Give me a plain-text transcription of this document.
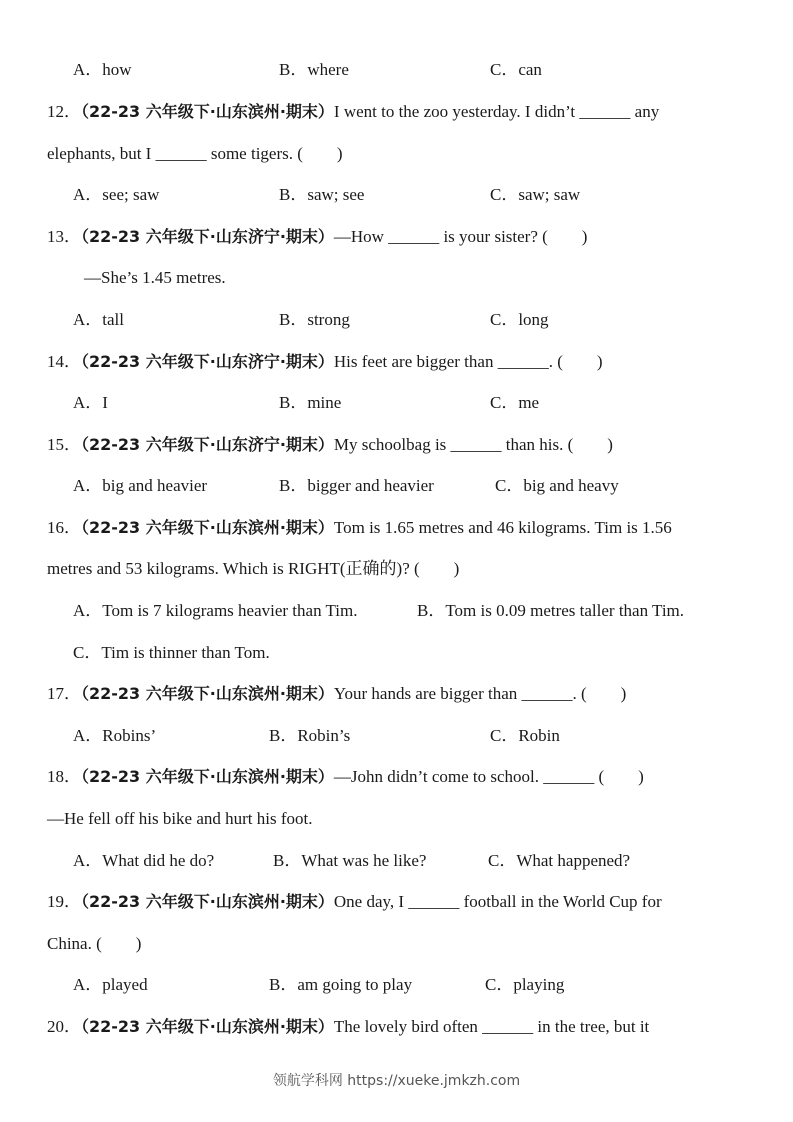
A．how	B．where	C．can
12．（22-23 六年级下·山东滨州·期末）I went to the zoo yesterday. I didn’t ______ any
elephants, but I ______ some tigers. (　　)
A．see; saw	B．saw; see	C．saw; saw
13．（22-23 六年级下·山东济宁·期末）—How ______ is your sister? (　　)
—She’s 1.45 metres.
A．tall	B．strong	C．long
14．（22-23 六年级下·山东济宁·期末）His feet are bigger than ______. (　　)
A．I	B．mine	C．me
15．（22-23 六年级下·山东济宁·期末）My schoolbag is ______ than his. (　　)
A．big and heavier	B．bigger and heavier	C．big and heavy
16．（22-23 六年级下·山东滨州·期末）Tom is 1.65 metres and 46 kilograms. Tim is 1.56
metres and 53 kilograms. Which is RIGHT(正确的)? (　　)
A．Tom is 7 kilograms heavier than Tim.	B．Tom is 0.09 metres taller than Tim.
C．Tim is thinner than Tom.
17．（22-23 六年级下·山东滨州·期末）Your hands are bigger than ______. (　　)
A．Robins’	B．Robin’s	C．Robin
18．（22-23 六年级下·山东滨州·期末）—John didn’t come to school. ______ (　　)
—He fell off his bike and hurt his foot.
A．What did he do?	B．What was he like?	C．What happened?
19．（22-23 六年级下·山东滨州·期末）One day, I ______ football in the World Cup for
China. (　　)
A．played	B．am going to play	C．playing
20．（22-23 六年级下·山东滨州·期末）The lovely bird often ______ in the tree, but it
领航学科网 https://xueke.jmkzh.com
